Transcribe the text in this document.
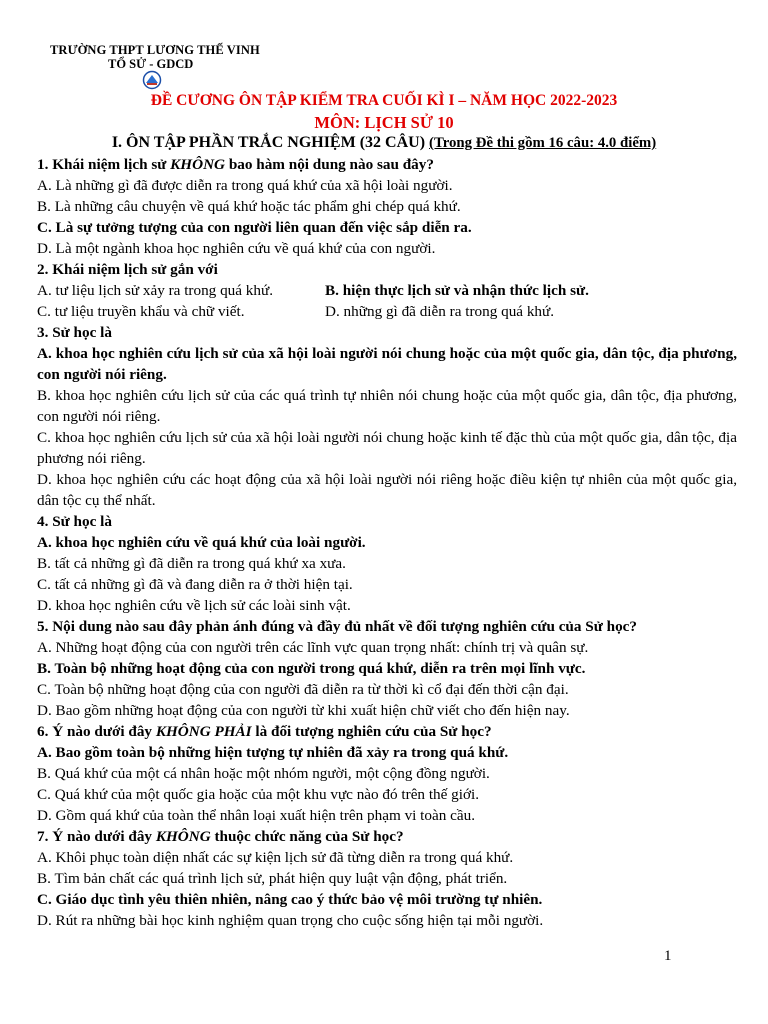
TRƯỜNG THPT LƯƠNG THẾ VINH
TỔ SỬ - GDCD
ĐỀ CƯƠNG ÔN TẬP KIỂM TRA CUỐI KÌ I – NĂM HỌC 2022-2023
MÔN: LỊCH SỬ 10
I. ÔN TẬP PHẦN TRẮC NGHIỆM (32 CÂU) (Trong Đề thi gồm 16 câu: 4.0 điểm)
1. Khái niệm lịch sử KHÔNG bao hàm nội dung nào sau đây?
A. Là những gì đã được diễn ra trong quá khứ của xã hội loài người.
B. Là những câu chuyện về quá khứ hoặc tác phẩm ghi chép quá khứ.
C. Là sự tưởng tượng của con người liên quan đến việc sắp diễn ra.
D. Là một ngành khoa học nghiên cứu về quá khứ của con người.
2. Khái niệm lịch sử gắn với
A. tư liệu lịch sử xảy ra trong quá khứ.	B. hiện thực lịch sử và nhận thức lịch sử.
C. tư liệu truyền khẩu và chữ viết.	D. những gì đã diễn ra trong quá khứ.
3. Sử học là
A. khoa học nghiên cứu lịch sử của xã hội loài người nói chung hoặc của một quốc gia, dân tộc, địa phương, con người nói riêng.
B. khoa học nghiên cứu lịch sử của các quá trình tự nhiên nói chung hoặc của một quốc gia, dân tộc, địa phương, con người nói riêng.
C. khoa học nghiên cứu lịch sử của xã hội loài người nói chung hoặc kinh tế đặc thù của một quốc gia, dân tộc, địa phương nói riêng.
D. khoa học nghiên cứu các hoạt động của xã hội loài người nói riêng hoặc điều kiện tự nhiên của một quốc gia, dân tộc cụ thể nhất.
4. Sử học là
A. khoa học nghiên cứu về quá khứ của loài người.
B. tất cả những gì đã diễn ra trong quá khứ xa xưa.
C. tất cả những gì đã và đang diễn ra ở thời hiện tại.
D. khoa học nghiên cứu về lịch sử các loài sinh vật.
5. Nội dung nào sau đây phản ánh đúng và đầy đủ nhất về đối tượng nghiên cứu của Sử học?
A. Những hoạt động của con người trên các lĩnh vực quan trọng nhất: chính trị và quân sự.
B. Toàn bộ những hoạt động của con người trong quá khứ, diễn ra trên mọi lĩnh vực.
C. Toàn bộ những hoạt động của con người đã diễn ra từ thời kì cổ đại đến thời cận đại.
D. Bao gồm những hoạt động của con người từ khi xuất hiện chữ viết cho đến hiện nay.
6. Ý nào dưới đây KHÔNG PHẢI là đối tượng nghiên cứu của Sử học?
A. Bao gồm toàn bộ những hiện tượng tự nhiên đã xảy ra trong quá khứ.
B. Quá khứ của một cá nhân hoặc một nhóm người, một cộng đồng người.
C. Quá khứ của một quốc gia hoặc của một khu vực nào đó trên thế giới.
D. Gồm quá khứ của toàn thể nhân loại xuất hiện trên phạm vi toàn cầu.
7. Ý nào dưới đây KHÔNG thuộc chức năng của Sử học?
A. Khôi phục toàn diện nhất các sự kiện lịch sử đã từng diễn ra trong quá khứ.
B. Tìm bản chất các quá trình lịch sử, phát hiện quy luật vận động, phát triển.
C. Giáo dục tình yêu thiên nhiên, nâng cao ý thức bảo vệ môi trường tự nhiên.
D. Rút ra những bài học kinh nghiệm quan trọng cho cuộc sống hiện tại mỗi người.
1
